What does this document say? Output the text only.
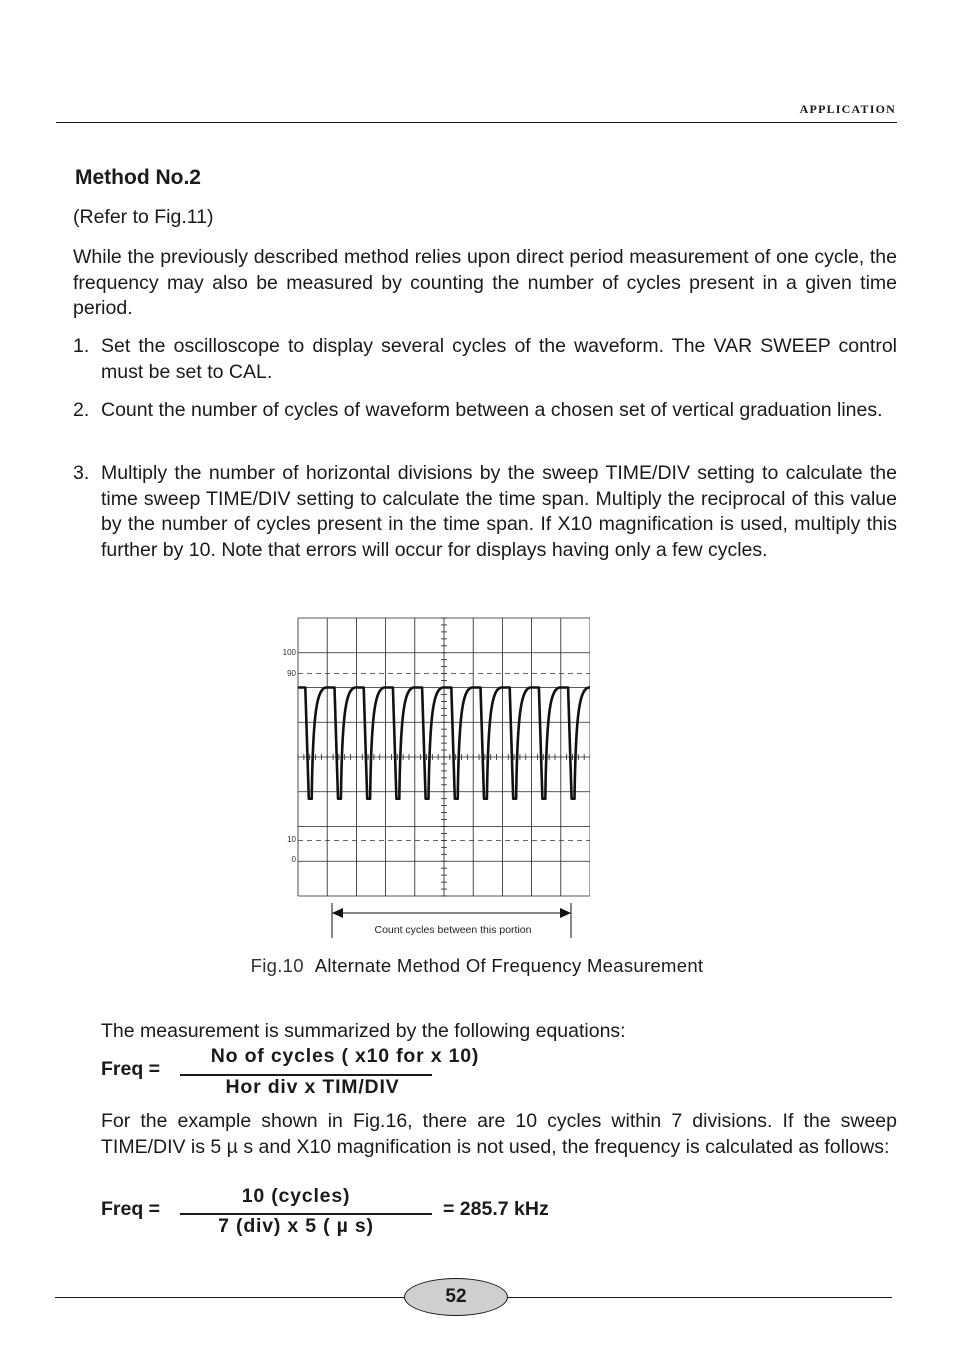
APPLICATION
Method No.2
(Refer to Fig.11)
While the previously described method relies upon direct period measurement of one cycle, the frequency may also be measured by counting the number of cycles present in a given time period.
1. Set the oscilloscope to display several cycles of the waveform. The VAR SWEEP control must be set to CAL.
2. Count the number of cycles of waveform between a chosen set of vertical graduation lines.
3. Multiply the number of horizontal divisions by the sweep TIME/DIV setting to calculate the time sweep TIME/DIV setting to calculate the time span. Multiply the reciprocal of this value by the number of cycles present in the time span. If X10 magnification is used, multiply this further by 10. Note that errors will occur for displays having only a few cycles.
100
90
10
0
Count cycles between this portion
Fig.10 Alternate Method Of Frequency Measurement
The measurement is summarized by the following equations:
Freq =
No of cycles ( x10 for x 10)
Hor div x TIM/DIV
For the example shown in Fig.16, there are 10 cycles within 7 divisions. If the sweep TIME/DIV is 5 µ s and X10 magnification is not used, the frequency is calculated as follows:
Freq =
10 (cycles)
7 (div) x 5 ( µ s)
= 285.7 kHz
52
